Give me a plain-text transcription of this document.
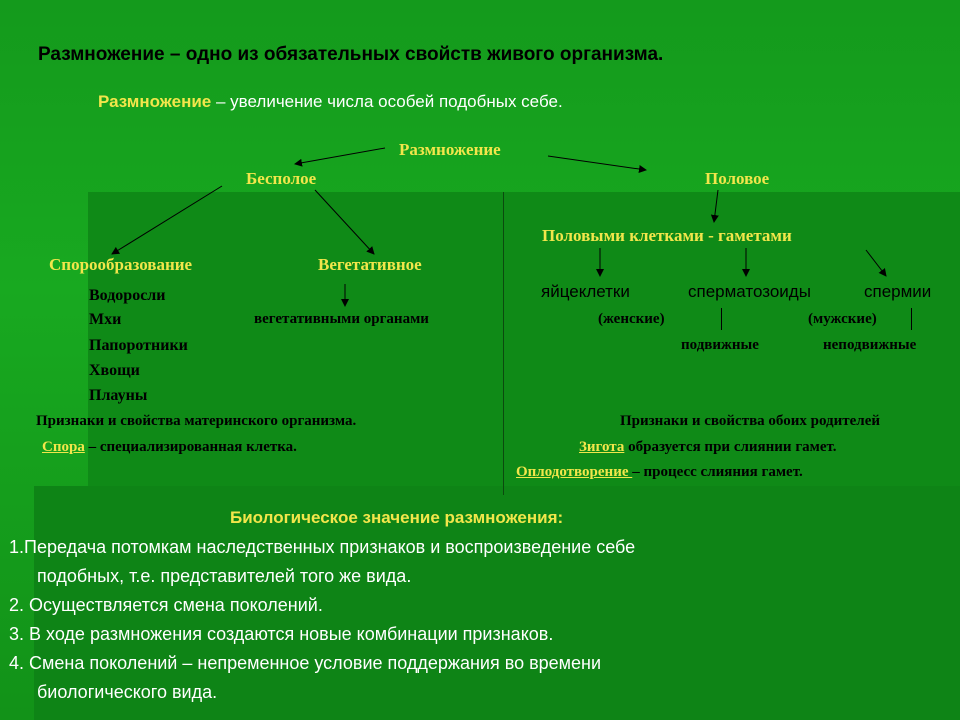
Размножение – одно из обязательных свойств живого организма.
Размножение – увеличение числа особей подобных себе.
Размножение
Бесполое	Половое
Половыми клетками - гаметами
Спорообразование	Вегетативное
Водоросли
Мхи
Папоротники
Хвощи
Плауны
вегетативными органами
яйцеклетки	сперматозоиды	спермии
(женские)	(мужские)
подвижные	неподвижные
Признаки и свойства материнского организма.	Признаки и свойства обоих родителей
Спора – специализированная клетка.	Зигота образуется при слиянии гамет.
Оплодотворение – процесс слияния гамет.
Биологическое значение размножения:
1.Передача потомкам наследственных признаков и воспроизведение себе
подобных, т.е. представителей того же вида.
2. Осуществляется смена поколений.
3. В ходе размножения создаются новые комбинации признаков.
4. Смена поколений – непременное условие поддержания во времени
биологического вида.
